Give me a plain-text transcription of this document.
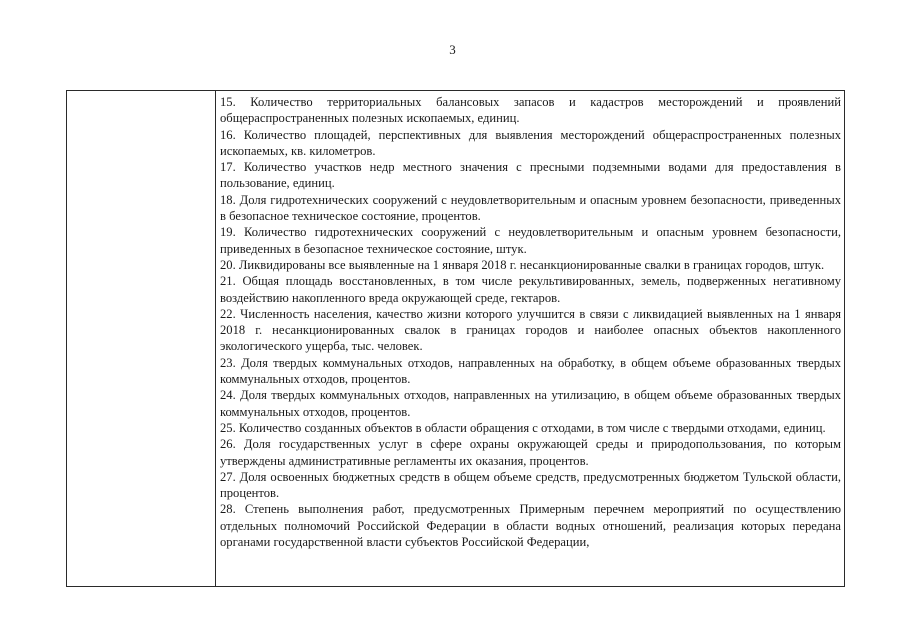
3

15. Количество территориальных балансовых запасов и кадастров месторождений и проявлений общераспространенных полезных ископаемых, единиц.

16. Количество площадей, перспективных для выявления месторождений общераспространенных полезных ископаемых, кв. километров.

17. Количество участков недр местного значения с пресными подземными водами для предоставления в пользование, единиц.

18. Доля гидротехнических сооружений с неудовлетворительным и опасным уровнем безопасности, приведенных в безопасное техническое состояние, процентов.

19. Количество гидротехнических сооружений с неудовлетворительным и опасным уровнем безопасности, приведенных в безопасное техническое состояние, штук.

20. Ликвидированы все выявленные на 1 января 2018 г. несанкционированные свалки в границах городов, штук.

21. Общая площадь восстановленных, в том числе рекультивированных, земель, подверженных негативному воздействию накопленного вреда окружающей среде, гектаров.

22. Численность населения, качество жизни которого улучшится в связи с ликвидацией выявленных на 1 января 2018 г. несанкционированных свалок в границах городов и наиболее опасных объектов накопленного экологического ущерба, тыс. человек.

23. Доля твердых коммунальных отходов, направленных на обработку, в общем объеме образованных твердых коммунальных отходов, процентов.

24. Доля твердых коммунальных отходов, направленных на утилизацию, в общем объеме образованных твердых коммунальных отходов, процентов.

25. Количество созданных объектов в области обращения с отходами, в том числе с твердыми отходами, единиц.

26. Доля государственных услуг в сфере охраны окружающей среды и природопользования, по которым утверждены административные регламенты их оказания, процентов.

27. Доля освоенных бюджетных средств в общем объеме средств, предусмотренных бюджетом Тульской области, процентов.

28. Степень выполнения работ, предусмотренных Примерным перечнем мероприятий по осуществлению отдельных полномочий Российской Федерации в области водных отношений, реализация которых передана органами государственной власти субъектов Российской Федерации,
